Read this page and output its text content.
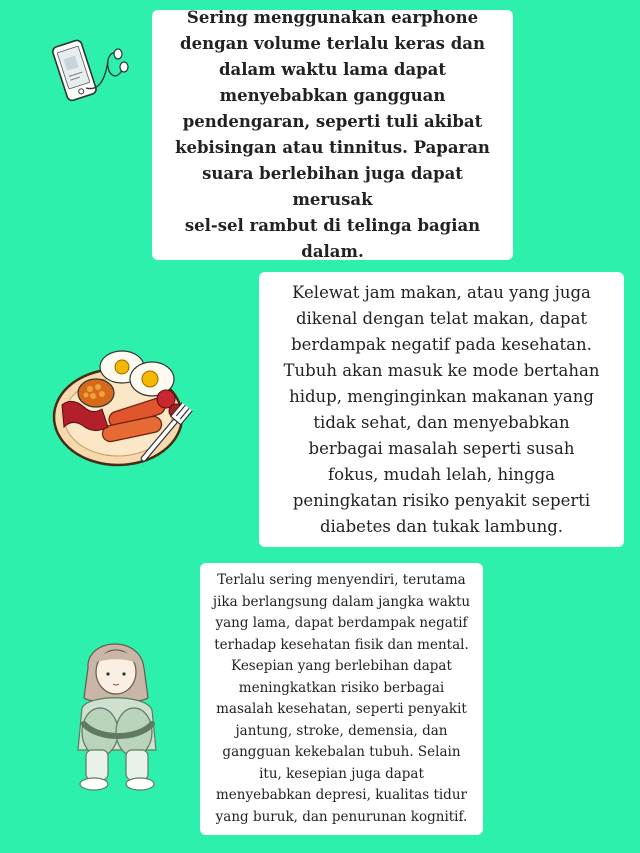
Sering menggunakan earphone
dengan volume terlalu keras dan
dalam waktu lama dapat
menyebabkan gangguan
pendengaran, seperti tuli akibat
kebisingan atau tinnitus. Paparan
suara berlebihan juga dapat merusak
sel-sel rambut di telinga bagian
dalam.

Kelewat jam makan, atau yang juga
dikenal dengan telat makan, dapat
berdampak negatif pada kesehatan.
Tubuh akan masuk ke mode bertahan
hidup, menginginkan makanan yang
tidak sehat, dan menyebabkan
berbagai masalah seperti susah
fokus, mudah lelah, hingga
peningkatan risiko penyakit seperti
diabetes dan tukak lambung.

Terlalu sering menyendiri, terutama
jika berlangsung dalam jangka waktu
yang lama, dapat berdampak negatif
terhadap kesehatan fisik dan mental.
Kesepian yang berlebihan dapat
meningkatkan risiko berbagai
masalah kesehatan, seperti penyakit
jantung, stroke, demensia, dan
gangguan kekebalan tubuh. Selain
itu, kesepian juga dapat
menyebabkan depresi, kualitas tidur
yang buruk, dan penurunan kognitif.
